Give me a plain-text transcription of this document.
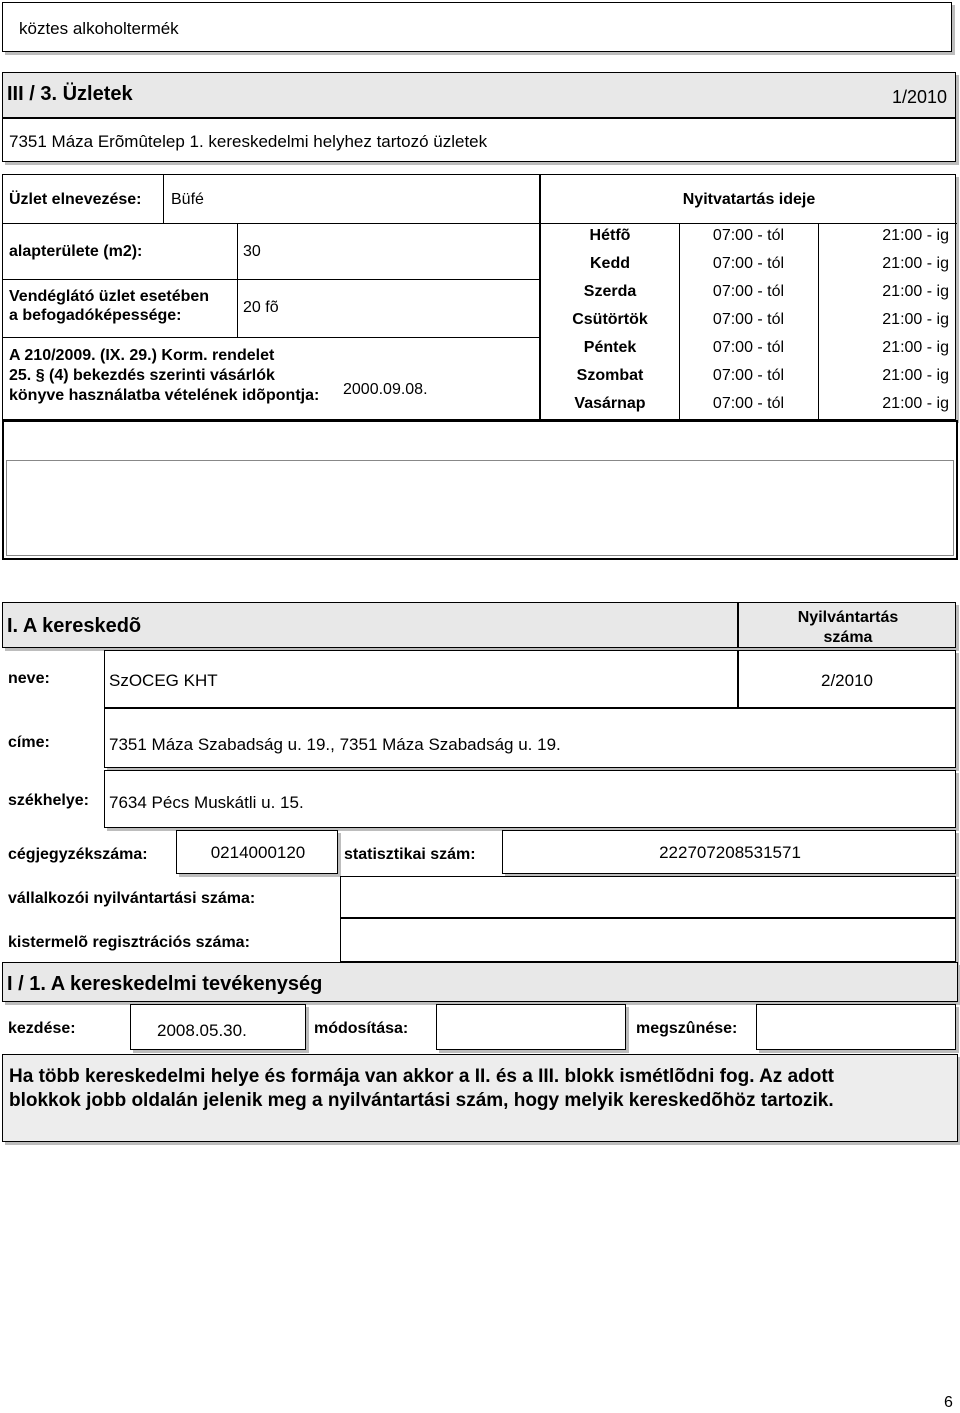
köztes alkoholtermék
III / 3. Üzletek	1/2010
7351 Máza Erõmûtelep 1. kereskedelmi helyhez tartozó üzletek
Üzlet elnevezése: Büfé
alapterülete (m2):	30
Vendéglátó üzlet esetében
a befogadóképessége:	20 fõ
A 210/2009. (IX. 29.) Korm. rendelet
25. § (4) bekezdés szerinti vásárlók
könyve használatba vételének idõpontja: 2000.09.08.
Nyitvatartás ideje
Hétfõ	07:00 - tól	21:00 - ig
Kedd	07:00 - tól	21:00 - ig
Szerda	07:00 - tól	21:00 - ig
Csütörtök	07:00 - tól	21:00 - ig
Péntek	07:00 - tól	21:00 - ig
Szombat	07:00 - tól	21:00 - ig
Vasárnap	07:00 - tól	21:00 - ig
I. A kereskedõ	Nyilvántartás
száma
neve:	SzOCEG KHT	2/2010
címe:	7351 Máza Szabadság u. 19., 7351 Máza Szabadság u. 19.
székhelye: 7634 Pécs Muskátli u. 15.
cégjegyzékszáma:	0214000120	statisztikai szám:	222707208531571
vállalkozói nyilvántartási száma:
kistermelõ regisztrációs száma:
I / 1. A kereskedelmi tevékenység
kezdése:	2008.05.30.	módosítása:	megszûnése:
Ha több kereskedelmi helye és formája van akkor a II. és a III. blokk ismétlõdni fog. Az adott blokkok jobb oldalán jelenik meg a nyilvántartási szám, hogy melyik kereskedõhöz tartozik.
6
